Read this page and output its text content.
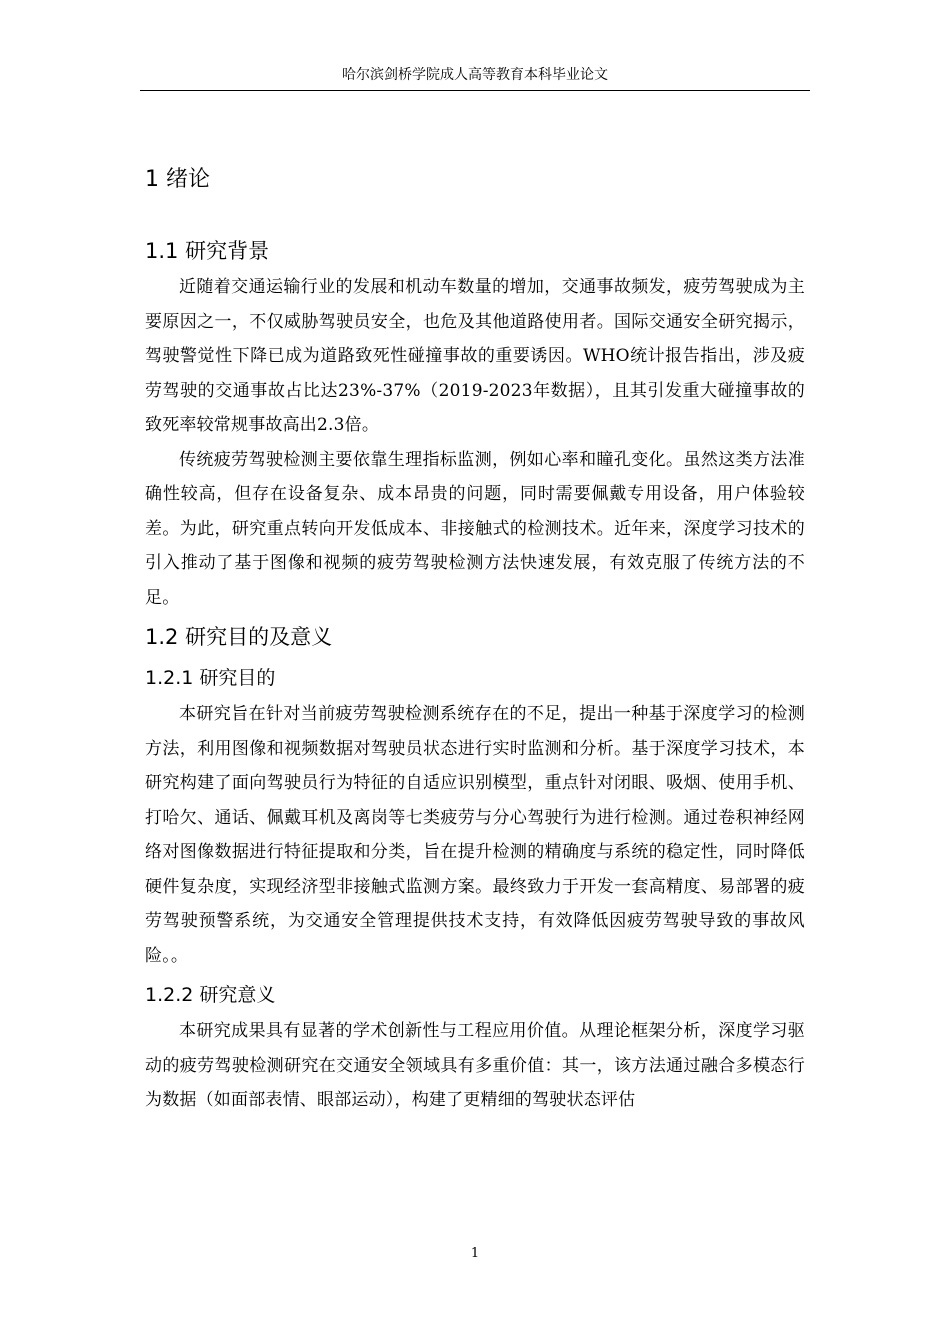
哈尔滨剑桥学院成人高等教育本科毕业论文
1 绪论
1.1 研究背景

近随着交通运输行业的发展和机动车数量的增加，交通事故频发，疲劳驾驶成为主要原因之一，不仅威胁驾驶员安全，也危及其他道路使用者。国际交通安全研究揭示，驾驶警觉性下降已成为道路致死性碰撞事故的重要诱因。WHO统计报告指出，涉及疲劳驾驶的交通事故占比达23%-37%（2019-2023年数据），且其引发重大碰撞事故的致死率较常规事故高出2.3倍。

传统疲劳驾驶检测主要依靠生理指标监测，例如心率和瞳孔变化。虽然这类方法准确性较高，但存在设备复杂、成本昂贵的问题，同时需要佩戴专用设备，用户体验较差。为此，研究重点转向开发低成本、非接触式的检测技术。近年来，深度学习技术的引入推动了基于图像和视频的疲劳驾驶检测方法快速发展，有效克服了传统方法的不足。

1.2 研究目的及意义
1.2.1 研究目的

本研究旨在针对当前疲劳驾驶检测系统存在的不足，提出一种基于深度学习的检测方法，利用图像和视频数据对驾驶员状态进行实时监测和分析。基于深度学习技术，本研究构建了面向驾驶员行为特征的自适应识别模型，重点针对闭眼、吸烟、使用手机、打哈欠、通话、佩戴耳机及离岗等七类疲劳与分心驾驶行为进行检测。通过卷积神经网络对图像数据进行特征提取和分类，旨在提升检测的精确度与系统的稳定性，同时降低硬件复杂度，实现经济型非接触式监测方案。最终致力于开发一套高精度、易部署的疲劳驾驶预警系统，为交通安全管理提供技术支持，有效降低因疲劳驾驶导致的事故风险。。

1.2.2 研究意义

本研究成果具有显著的学术创新性与工程应用价值。从理论框架分析，深度学习驱动的疲劳驾驶检测研究在交通安全领域具有多重价值：其一，该方法通过融合多模态行为数据（如面部表情、眼部运动），构建了更精细的驾驶状态评估

1
